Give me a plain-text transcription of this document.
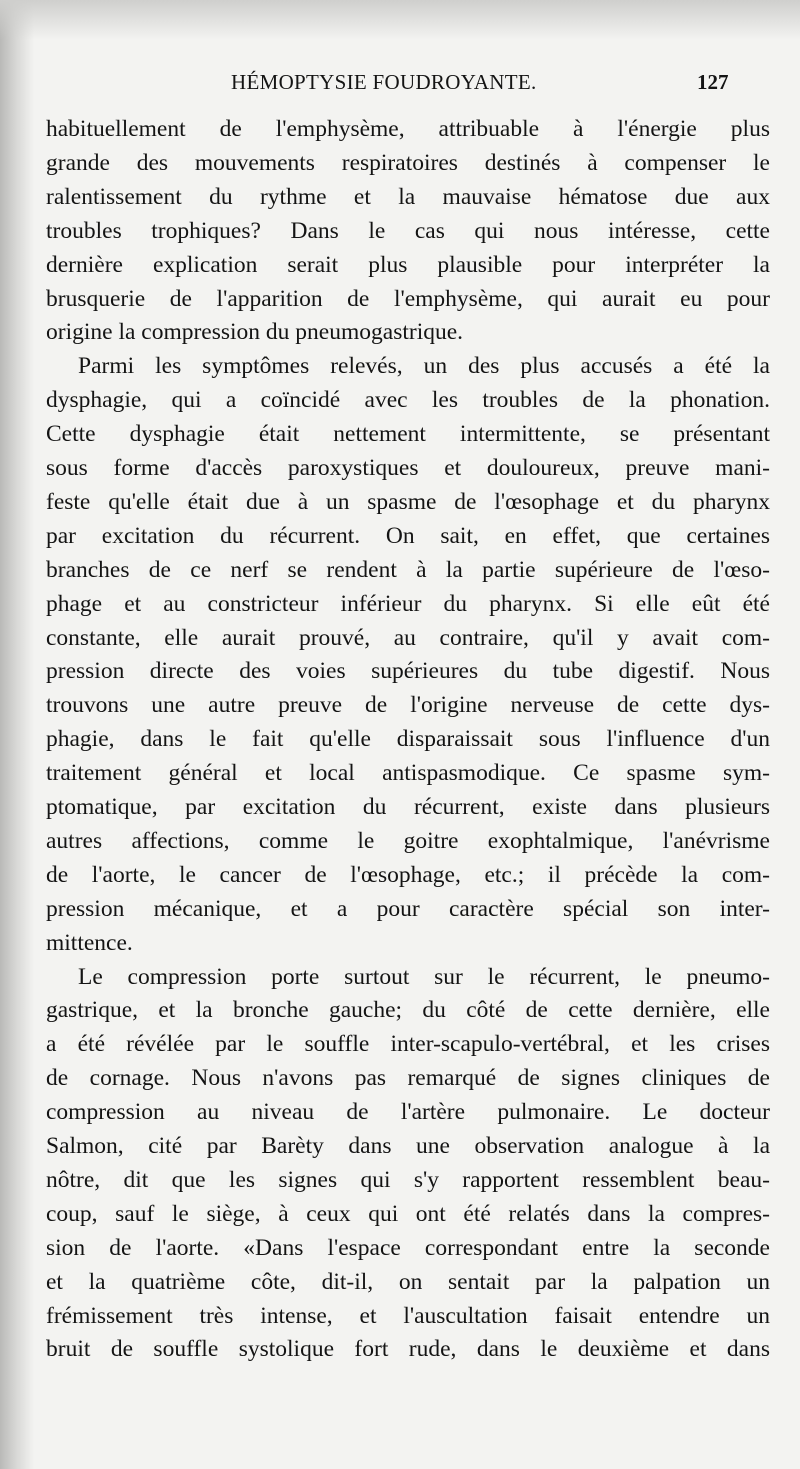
HÉMOPTYSIE FOUDROYANTE.	127
habituellement de l'emphysème, attribuable à l'énergie plus
grande des mouvements respiratoires destinés à compenser le
ralentissement du rythme et la mauvaise hématose due aux
troubles trophiques? Dans le cas qui nous intéresse, cette
dernière explication serait plus plausible pour interpréter la
brusquerie de l'apparition de l'emphysème, qui aurait eu pour
origine la compression du pneumogastrique.
Parmi les symptômes relevés, un des plus accusés a été la
dysphagie, qui a coïncidé avec les troubles de la phonation.
Cette dysphagie était nettement intermittente, se présentant
sous forme d'accès paroxystiques et douloureux, preuve mani-
feste qu'elle était due à un spasme de l'œsophage et du pharynx
par excitation du récurrent. On sait, en effet, que certaines
branches de ce nerf se rendent à la partie supérieure de l'œso-
phage et au constricteur inférieur du pharynx. Si elle eût été
constante, elle aurait prouvé, au contraire, qu'il y avait com-
pression directe des voies supérieures du tube digestif. Nous
trouvons une autre preuve de l'origine nerveuse de cette dys-
phagie, dans le fait qu'elle disparaissait sous l'influence d'un
traitement général et local antispasmodique. Ce spasme sym-
ptomatique, par excitation du récurrent, existe dans plusieurs
autres affections, comme le goitre exophtalmique, l'anévrisme
de l'aorte, le cancer de l'œsophage, etc.; il précède la com-
pression mécanique, et a pour caractère spécial son inter-
mittence.
Le compression porte surtout sur le récurrent, le pneumo-
gastrique, et la bronche gauche; du côté de cette dernière, elle
a été révélée par le souffle inter-scapulo-vertébral, et les crises
de cornage. Nous n'avons pas remarqué de signes cliniques de
compression au niveau de l'artère pulmonaire. Le docteur
Salmon, cité par Barèty dans une observation analogue à la
nôtre, dit que les signes qui s'y rapportent ressemblent beau-
coup, sauf le siège, à ceux qui ont été relatés dans la compres-
sion de l'aorte. «Dans l'espace correspondant entre la seconde
et la quatrième côte, dit-il, on sentait par la palpation un
frémissement très intense, et l'auscultation faisait entendre un
bruit de souffle systolique fort rude, dans le deuxième et dans
